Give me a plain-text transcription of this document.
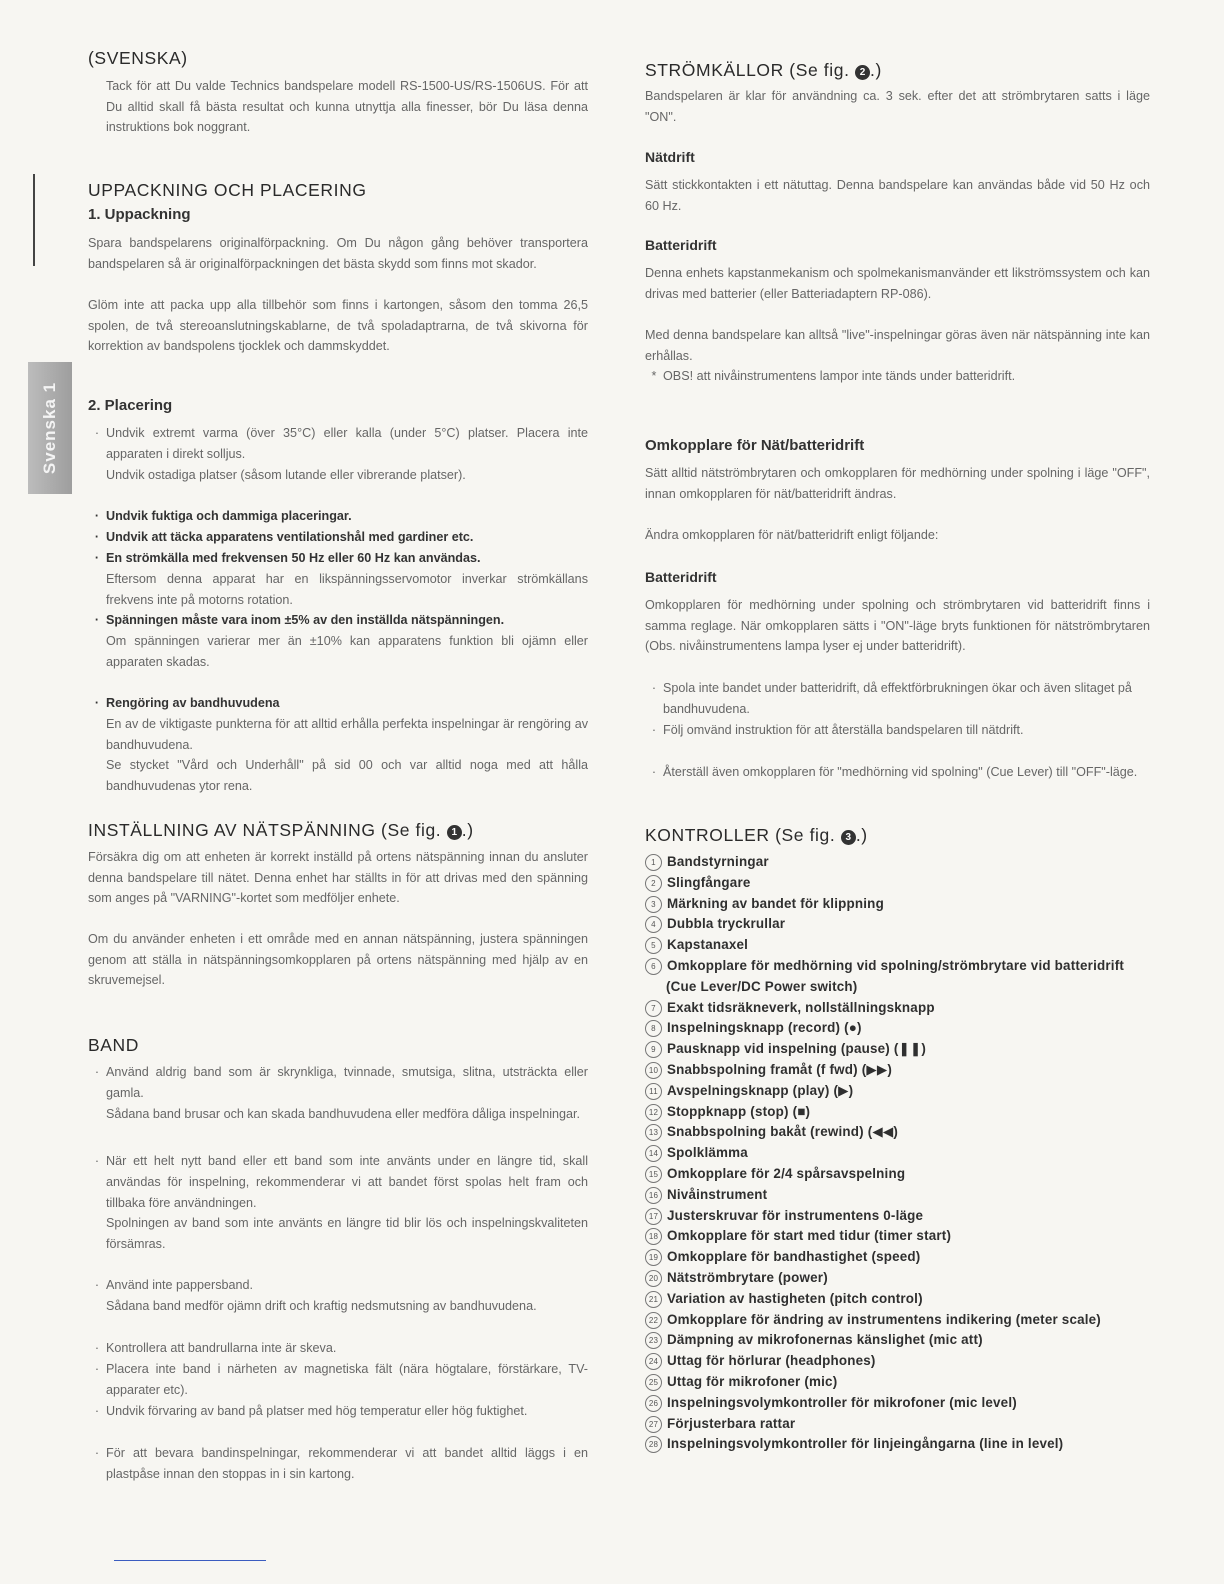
Svenska 1
(SVENSKA)

Tack för att Du valde Technics bandspelare modell RS-1500-US/RS-1506US. För att Du alltid skall få bästa resultat och kunna utnyttja alla finesser, bör Du läsa denna instruktions bok noggrant.

UPPACKNING OCH PLACERING
1. Uppackning

Spara bandspelarens originalförpackning. Om Du någon gång behöver transportera bandspelaren så är originalförpackningen det bästa skydd som finns mot skador.

Glöm inte att packa upp alla tillbehör som finns i kartongen, såsom den tomma 26,5 spolen, de två stereoanslutningskablarne, de två spoladaptrarna, de två skivorna för korrektion av bandspolens tjocklek och dammskyddet.

2. Placering

· Undvik extremt varma (över 35°C) eller kalla (under 5°C) platser. Placera inte apparaten i direkt solljus.
Undvik ostadiga platser (såsom lutande eller vibrerande platser).

· Undvik fuktiga och dammiga placeringar.

· Undvik att täcka apparatens ventilationshål med gardiner etc.

· En strömkälla med frekvensen 50 Hz eller 60 Hz kan användas.
Eftersom denna apparat har en likspänningsservomotor inverkar strömkällans frekvens inte på motorns rotation.

· Spänningen måste vara inom ±5% av den inställda nätspänningen.
Om spänningen varierar mer än ±10% kan apparatens funktion bli ojämn eller apparaten skadas.

· Rengöring av bandhuvudena
En av de viktigaste punkterna för att alltid erhålla perfekta inspelningar är rengöring av bandhuvudena.
Se stycket "Vård och Underhåll" på sid 00 och var alltid noga med att hålla bandhuvudenas ytor rena.

INSTÄLLNING AV NÄTSPÄNNING (Se fig. 1 .)

Försäkra dig om att enheten är korrekt inställd på ortens nätspänning innan du ansluter denna bandspelare till nätet. Denna enhet har ställts in för att drivas med den spänning som anges på "VARNING"-kortet som medföljer enhete.

Om du använder enheten i ett område med en annan nätspänning, justera spänningen genom att ställa in nätspänningsomkopplaren på ortens nätspänning med hjälp av en skruvemejsel.

BAND

· Använd aldrig band som är skrynkliga, tvinnade, smutsiga, slitna, utsträckta eller gamla.
Sådana band brusar och kan skada bandhuvudena eller medföra dåliga inspelningar.

· När ett helt nytt band eller ett band som inte använts under en längre tid, skall användas för inspelning, rekommenderar vi att bandet först spolas helt fram och tillbaka före användningen.
Spolningen av band som inte använts en längre tid blir lös och inspelningskvaliteten försämras.

· Använd inte pappersband.
Sådana band medför ojämn drift och kraftig nedsmutsning av bandhuvudena.

· Kontrollera att bandrullarna inte är skeva.

· Placera inte band i närheten av magnetiska fält (nära högtalare, förstärkare, TV-apparater etc).

· Undvik förvaring av band på platser med hög temperatur eller hög fuktighet.

· För att bevara bandinspelningar, rekommenderar vi att bandet alltid läggs i en plastpåse innan den stoppas in i sin kartong.

STRÖMKÄLLOR (Se fig. 2 .)

Bandspelaren är klar för användning ca. 3 sek. efter det att strömbrytaren satts i läge "ON".

Nätdrift

Sätt stickkontakten i ett nätuttag. Denna bandspelare kan användas både vid 50 Hz och 60 Hz.

Batteridrift

Denna enhets kapstanmekanism och spolmekanismanvänder ett likströmssystem och kan drivas med batterier (eller Batteriadaptern RP-086).

Med denna bandspelare kan alltså "live"-inspelningar göras även när nätspänning inte kan erhållas.

* OBS! att nivåinstrumentens lampor inte tänds under batteridrift.

Omkopplare för Nät/batteridrift

Sätt alltid nätströmbrytaren och omkopplaren för medhörning under spolning i läge "OFF", innan omkopplaren för nät/batteridrift ändras.

Ändra omkopplaren för nät/batteridrift enligt följande:

Batteridrift

Omkopplaren för medhörning under spolning och strömbrytaren vid batteridrift finns i samma reglage. När omkopplaren sätts i "ON"-läge bryts funktionen för nätströmbrytaren (Obs. nivåinstrumentens lampa lyser ej under batteridrift).

· Spola inte bandet under batteridrift, då effektförbrukningen ökar och även slitaget på bandhuvudena.

· Följ omvänd instruktion för att återställa bandspelaren till nätdrift.

· Återställ även omkopplaren för "medhörning vid spolning" (Cue Lever) till "OFF"-läge.

KONTROLLER (Se fig. 3 .)
1 Bandstyrningar
2 Slingfångare
3 Märkning av bandet för klippning
4 Dubbla tryckrullar
5 Kapstanaxel
6 Omkopplare för medhörning vid spolning/strömbrytare vid batteridrift (Cue Lever/DC Power switch)
7 Exakt tidsräkneverk, nollställningsknapp
8 Inspelningsknapp (record) (●)
9 Pausknapp vid inspelning (pause) (❚❚)
10 Snabbspolning framåt (f fwd) (▶▶)
11 Avspelningsknapp (play) (▶)
12 Stoppknapp (stop) (■)
13 Snabbspolning bakåt (rewind) (◀◀)
14 Spolklämma
15 Omkopplare för 2/4 spårsavspelning
16 Nivåinstrument
17 Justerskruvar för instrumentens 0-läge
18 Omkopplare för start med tidur (timer start)
19 Omkopplare för bandhastighet (speed)
20 Nätströmbrytare (power)
21 Variation av hastigheten (pitch control)
22 Omkopplare för ändring av instrumentens indikering (meter scale)
23 Dämpning av mikrofonernas känslighet (mic att)
24 Uttag för hörlurar (headphones)
25 Uttag för mikrofoner (mic)
26 Inspelningsvolymkontroller för mikrofoner (mic level)
27 Förjusterbara rattar
28 Inspelningsvolymkontroller för linjeingångarna (line in level)
